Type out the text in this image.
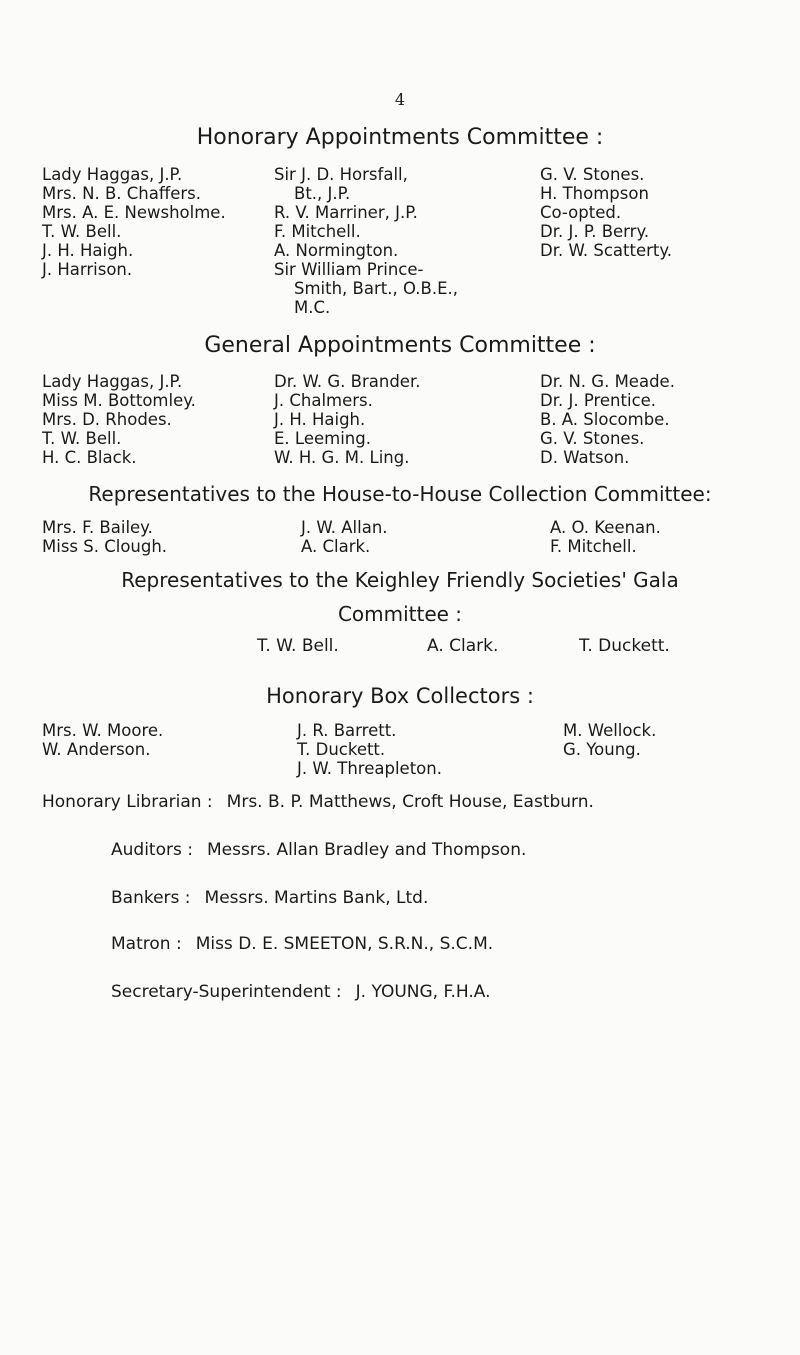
4
Honorary Appointments Committee :
Lady Haggas, J.P.
Mrs. N. B. Chaffers.
Mrs. A. E. Newsholme.
T. W. Bell.
J. H. Haigh.
J. Harrison.
Sir J. D. Horsfall,
Bt., J.P.
R. V. Marriner, J.P.
F. Mitchell.
A. Normington.
Sir William Prince-
Smith, Bart., O.B.E.,
M.C.
G. V. Stones.
H. Thompson
Co-opted.
Dr. J. P. Berry.
Dr. W. Scatterty.
General Appointments Committee :
Lady Haggas, J.P.
Miss M. Bottomley.
Mrs. D. Rhodes.
T. W. Bell.
H. C. Black.
Dr. W. G. Brander.
J. Chalmers.
J. H. Haigh.
E. Leeming.
W. H. G. M. Ling.
Dr. N. G. Meade.
Dr. J. Prentice.
B. A. Slocombe.
G. V. Stones.
D. Watson.
Representatives to the House-to-House Collection Committee:
Mrs. F. Bailey.
Miss S. Clough.
J. W. Allan.
A. Clark.
A. O. Keenan.
F. Mitchell.
Representatives to the Keighley Friendly Societies' Gala
Committee :
T. W. Bell.	A. Clark.	T. Duckett.
Honorary Box Collectors :
Mrs. W. Moore.
W. Anderson.
J. R. Barrett.
T. Duckett.
J. W. Threapleton.
M. Wellock.
G. Young.
Honorary Librarian : Mrs. B. P. Matthews, Croft House, Eastburn.
Auditors : Messrs. Allan Bradley and Thompson.
Bankers : Messrs. Martins Bank, Ltd.
Matron : Miss D. E. SMEETON, S.R.N., S.C.M.
Secretary-Superintendent : J. YOUNG, F.H.A.
